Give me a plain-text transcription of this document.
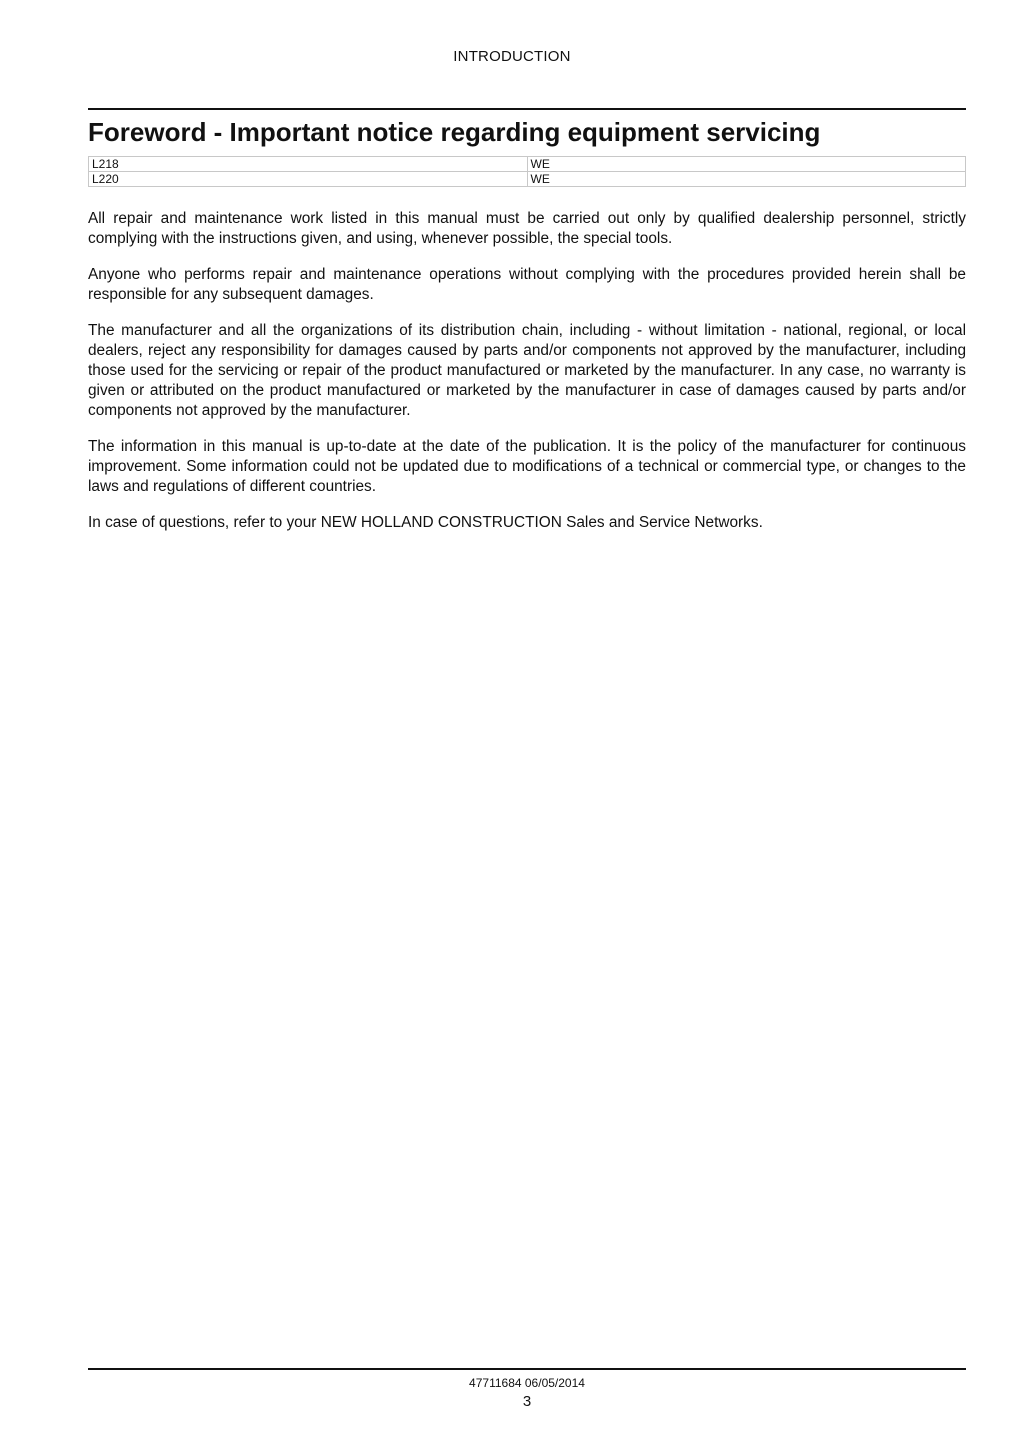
INTRODUCTION
Foreword - Important notice regarding equipment servicing
L218	WE
L220	WE

All repair and maintenance work listed in this manual must be carried out only by qualified dealership personnel, strictly complying with the instructions given, and using, whenever possible, the special tools.

Anyone who performs repair and maintenance operations without complying with the procedures provided herein shall be responsible for any subsequent damages.

The manufacturer and all the organizations of its distribution chain, including - without limitation - national, regional, or local dealers, reject any responsibility for damages caused by parts and/or components not approved by the manufacturer, including those used for the servicing or repair of the product manufactured or marketed by the manufacturer. In any case, no warranty is given or attributed on the product manufactured or marketed by the manufacturer in case of damages caused by parts and/or components not approved by the manufacturer.

The information in this manual is up-to-date at the date of the publication. It is the policy of the manufacturer for continuous improvement. Some information could not be updated due to modifications of a technical or commercial type, or changes to the laws and regulations of different countries.

In case of questions, refer to your NEW HOLLAND CONSTRUCTION Sales and Service Networks.

47711684 06/05/2014
3
